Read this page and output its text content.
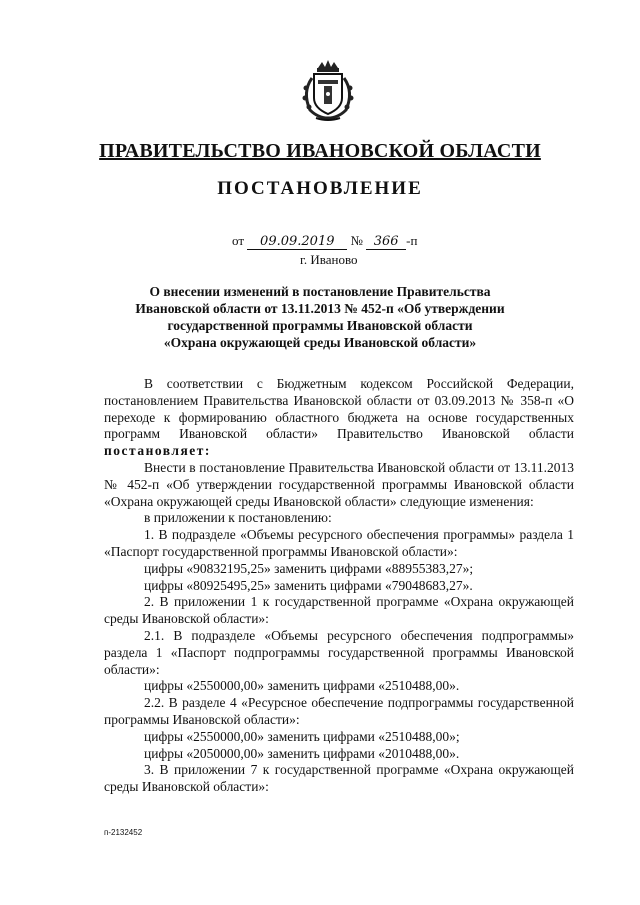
ПРАВИТЕЛЬСТВО ИВАНОВСКОЙ ОБЛАСТИ
ПОСТАНОВЛЕНИЕ
от 09.09.2019 № 366 -п
г. Иваново
О внесении изменений в постановление Правительства
Ивановской области от 13.11.2013 № 452-п «Об утверждении
государственной программы Ивановской области
«Охрана окружающей среды Ивановской области»

В соответствии с Бюджетным кодексом Российской Федерации, постановлением Правительства Ивановской области от 03.09.2013 № 358-п «О переходе к формированию областного бюджета на основе государственных программ Ивановской области» Правительство Ивановской области постановляет:

Внести в постановление Правительства Ивановской области от 13.11.2013 № 452-п «Об утверждении государственной программы Ивановской области «Охрана окружающей среды Ивановской области» следующие изменения:

в приложении к постановлению:

1. В подразделе «Объемы ресурсного обеспечения программы» раздела 1 «Паспорт государственной программы Ивановской области»:

цифры «90832195,25» заменить цифрами «88955383,27»;

цифры «80925495,25» заменить цифрами «79048683,27».

2. В приложении 1 к государственной программе «Охрана окружающей среды Ивановской области»:

2.1. В подразделе «Объемы ресурсного обеспечения подпрограммы» раздела 1 «Паспорт подпрограммы государственной программы Ивановской области»:

цифры «2550000,00» заменить цифрами «2510488,00».

2.2. В разделе 4 «Ресурсное обеспечение подпрограммы государственной программы Ивановской области»:

цифры «2550000,00» заменить цифрами «2510488,00»;

цифры «2050000,00» заменить цифрами «2010488,00».

3. В приложении 7 к государственной программе «Охрана окружающей среды Ивановской области»:

п-2132452
